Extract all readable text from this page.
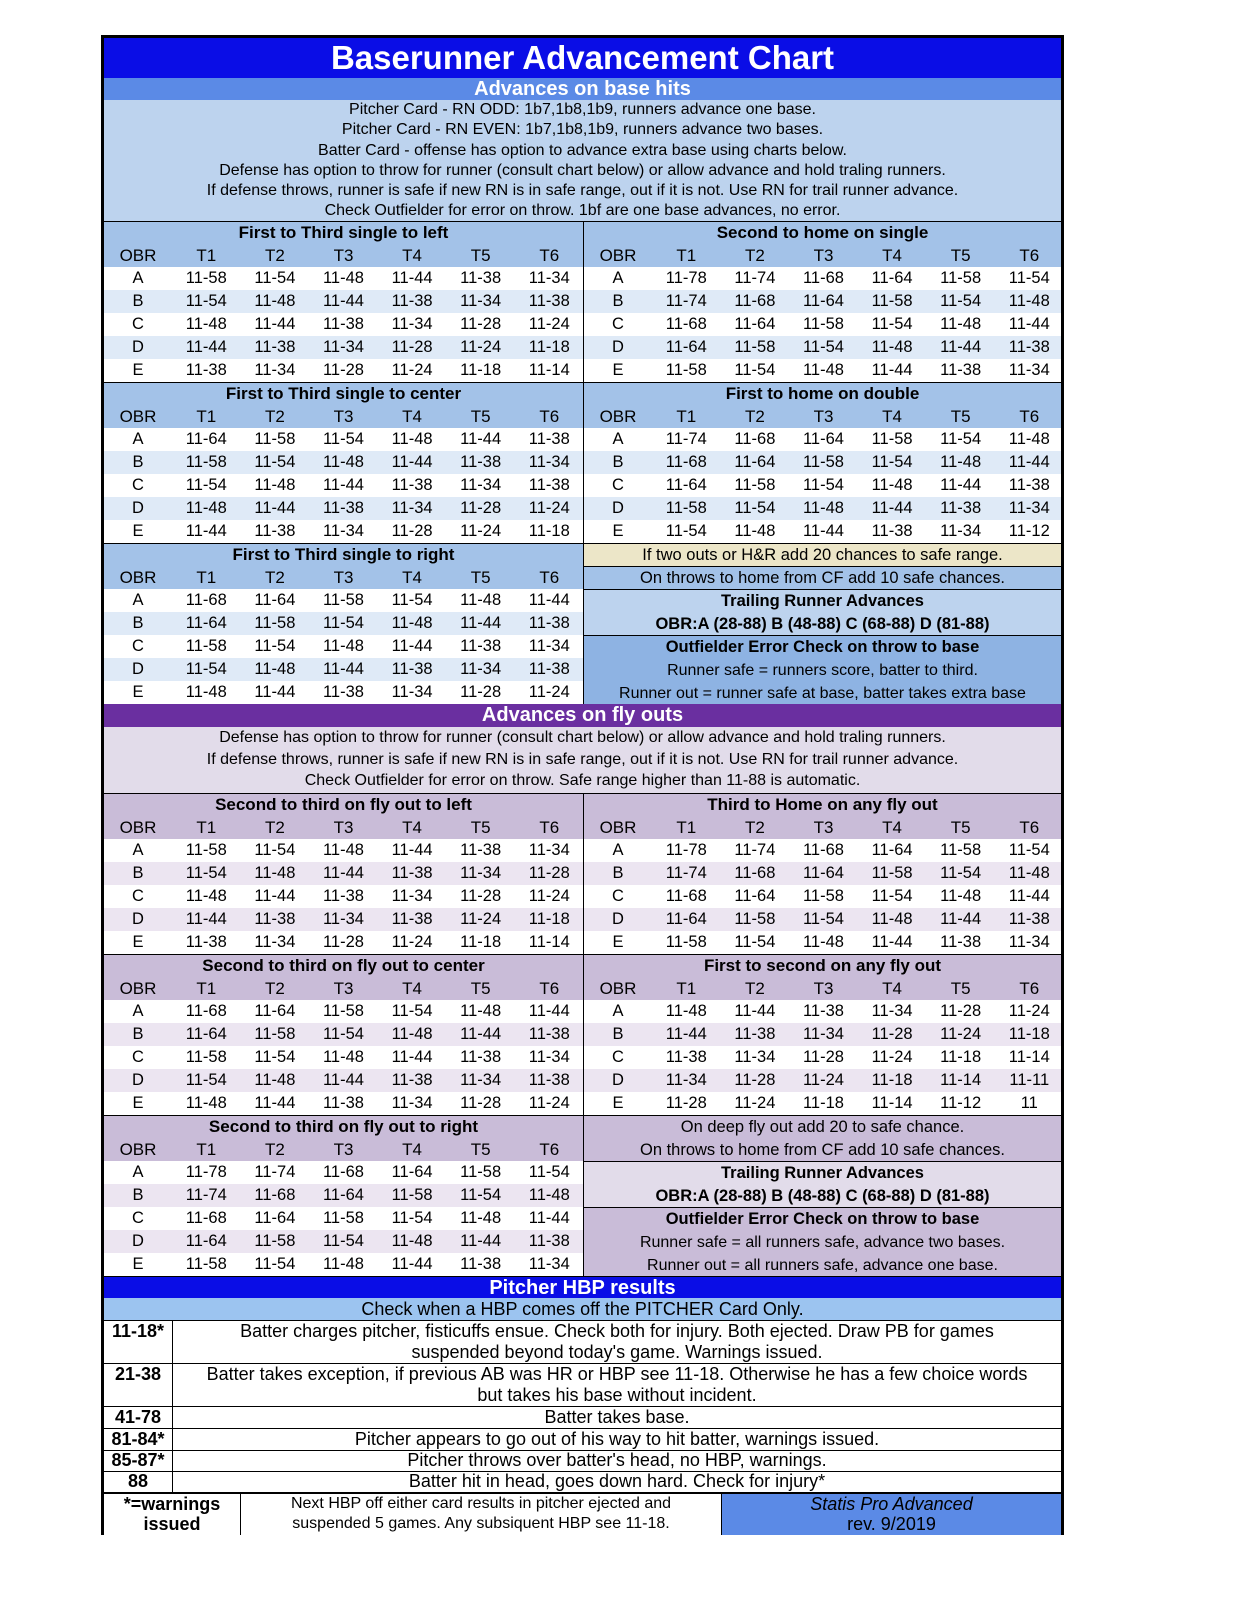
Baserunner Advancement Chart
Advances on base hits
Pitcher Card - RN ODD: 1b7,1b8,1b9, runners advance one base.
Pitcher Card - RN EVEN: 1b7,1b8,1b9, runners advance two bases.
Batter Card - offense has option to advance extra base using charts below.
Defense has option to throw for runner (consult chart below) or allow advance and hold traling runners.
If defense throws, runner is safe if new RN is in safe range, out if it is not. Use RN for trail runner advance.
Check Outfielder for error on throw. 1bf are one base advances, no error.
First to Third single to left
OBR	T1	T2	T3	T4	T5	T6
A	11-58	11-54	11-48	11-44	11-38	11-34
B	11-54	11-48	11-44	11-38	11-34	11-38
C	11-48	11-44	11-38	11-34	11-28	11-24
D	11-44	11-38	11-34	11-28	11-24	11-18
E	11-38	11-34	11-28	11-24	11-18	11-14
Second to home on single
OBR	T1	T2	T3	T4	T5	T6
A	11-78	11-74	11-68	11-64	11-58	11-54
B	11-74	11-68	11-64	11-58	11-54	11-48
C	11-68	11-64	11-58	11-54	11-48	11-44
D	11-64	11-58	11-54	11-48	11-44	11-38
E	11-58	11-54	11-48	11-44	11-38	11-34
First to Third single to center
OBR	T1	T2	T3	T4	T5	T6
A	11-64	11-58	11-54	11-48	11-44	11-38
B	11-58	11-54	11-48	11-44	11-38	11-34
C	11-54	11-48	11-44	11-38	11-34	11-38
D	11-48	11-44	11-38	11-34	11-28	11-24
E	11-44	11-38	11-34	11-28	11-24	11-18
First to home on double
OBR	T1	T2	T3	T4	T5	T6
A	11-74	11-68	11-64	11-58	11-54	11-48
B	11-68	11-64	11-58	11-54	11-48	11-44
C	11-64	11-58	11-54	11-48	11-44	11-38
D	11-58	11-54	11-48	11-44	11-38	11-34
E	11-54	11-48	11-44	11-38	11-34	11-12
First to Third single to right
OBR	T1	T2	T3	T4	T5	T6
A	11-68	11-64	11-58	11-54	11-48	11-44
B	11-64	11-58	11-54	11-48	11-44	11-38
C	11-58	11-54	11-48	11-44	11-38	11-34
D	11-54	11-48	11-44	11-38	11-34	11-38
E	11-48	11-44	11-38	11-34	11-28	11-24
If two outs or H&R add 20 chances to safe range.
On throws to home from CF add 10 safe chances.
Trailing Runner Advances
OBR:A (28-88) B (48-88) C (68-88) D (81-88)
Outfielder Error Check on throw to base
Runner safe = runners score, batter to third.
Runner out = runner safe at base, batter takes extra base
Advances on fly outs
Defense has option to throw for runner (consult chart below) or allow advance and hold traling runners.
If defense throws, runner is safe if new RN is in safe range, out if it is not. Use RN for trail runner advance.
Check Outfielder for error on throw. Safe range higher than 11-88 is automatic.
Second to third on fly out to left
OBR	T1	T2	T3	T4	T5	T6
A	11-58	11-54	11-48	11-44	11-38	11-34
B	11-54	11-48	11-44	11-38	11-34	11-28
C	11-48	11-44	11-38	11-34	11-28	11-24
D	11-44	11-38	11-34	11-38	11-24	11-18
E	11-38	11-34	11-28	11-24	11-18	11-14
Third to Home on any fly out
OBR	T1	T2	T3	T4	T5	T6
A	11-78	11-74	11-68	11-64	11-58	11-54
B	11-74	11-68	11-64	11-58	11-54	11-48
C	11-68	11-64	11-58	11-54	11-48	11-44
D	11-64	11-58	11-54	11-48	11-44	11-38
E	11-58	11-54	11-48	11-44	11-38	11-34
Second to third on fly out to center
OBR	T1	T2	T3	T4	T5	T6
A	11-68	11-64	11-58	11-54	11-48	11-44
B	11-64	11-58	11-54	11-48	11-44	11-38
C	11-58	11-54	11-48	11-44	11-38	11-34
D	11-54	11-48	11-44	11-38	11-34	11-38
E	11-48	11-44	11-38	11-34	11-28	11-24
First to second on any fly out
OBR	T1	T2	T3	T4	T5	T6
A	11-48	11-44	11-38	11-34	11-28	11-24
B	11-44	11-38	11-34	11-28	11-24	11-18
C	11-38	11-34	11-28	11-24	11-18	11-14
D	11-34	11-28	11-24	11-18	11-14	11-11
E	11-28	11-24	11-18	11-14	11-12	11
Second to third on fly out to right
OBR	T1	T2	T3	T4	T5	T6
A	11-78	11-74	11-68	11-64	11-58	11-54
B	11-74	11-68	11-64	11-58	11-54	11-48
C	11-68	11-64	11-58	11-54	11-48	11-44
D	11-64	11-58	11-54	11-48	11-44	11-38
E	11-58	11-54	11-48	11-44	11-38	11-34
On deep fly out add 20 to safe chance.
On throws to home from CF add 10 safe chances.
Trailing Runner Advances
OBR:A (28-88) B (48-88) C (68-88) D (81-88)
Outfielder Error Check on throw to base
Runner safe = all runners safe, advance two bases.
Runner out = all runners safe, advance one base.
Pitcher HBP results
Check when a HBP comes off the PITCHER Card Only.
11-18*	Batter charges pitcher, fisticuffs ensue. Check both for injury. Both ejected. Draw PB for games suspended beyond today's game. Warnings issued.
21-38	Batter takes exception, if previous AB was HR or HBP see 11-18. Otherwise he has a few choice words but takes his base without incident.
41-78	Batter takes base.
81-84*	Pitcher appears to go out of his way to hit batter, warnings issued.
85-87*	Pitcher throws over batter's head, no HBP, warnings.
88	Batter hit in head, goes down hard. Check for injury*
*=warnings issued
Next HBP off either card results in pitcher ejected and suspended 5 games. Any subsiquent HBP see 11-18.
Statis Pro Advanced
rev. 9/2019
